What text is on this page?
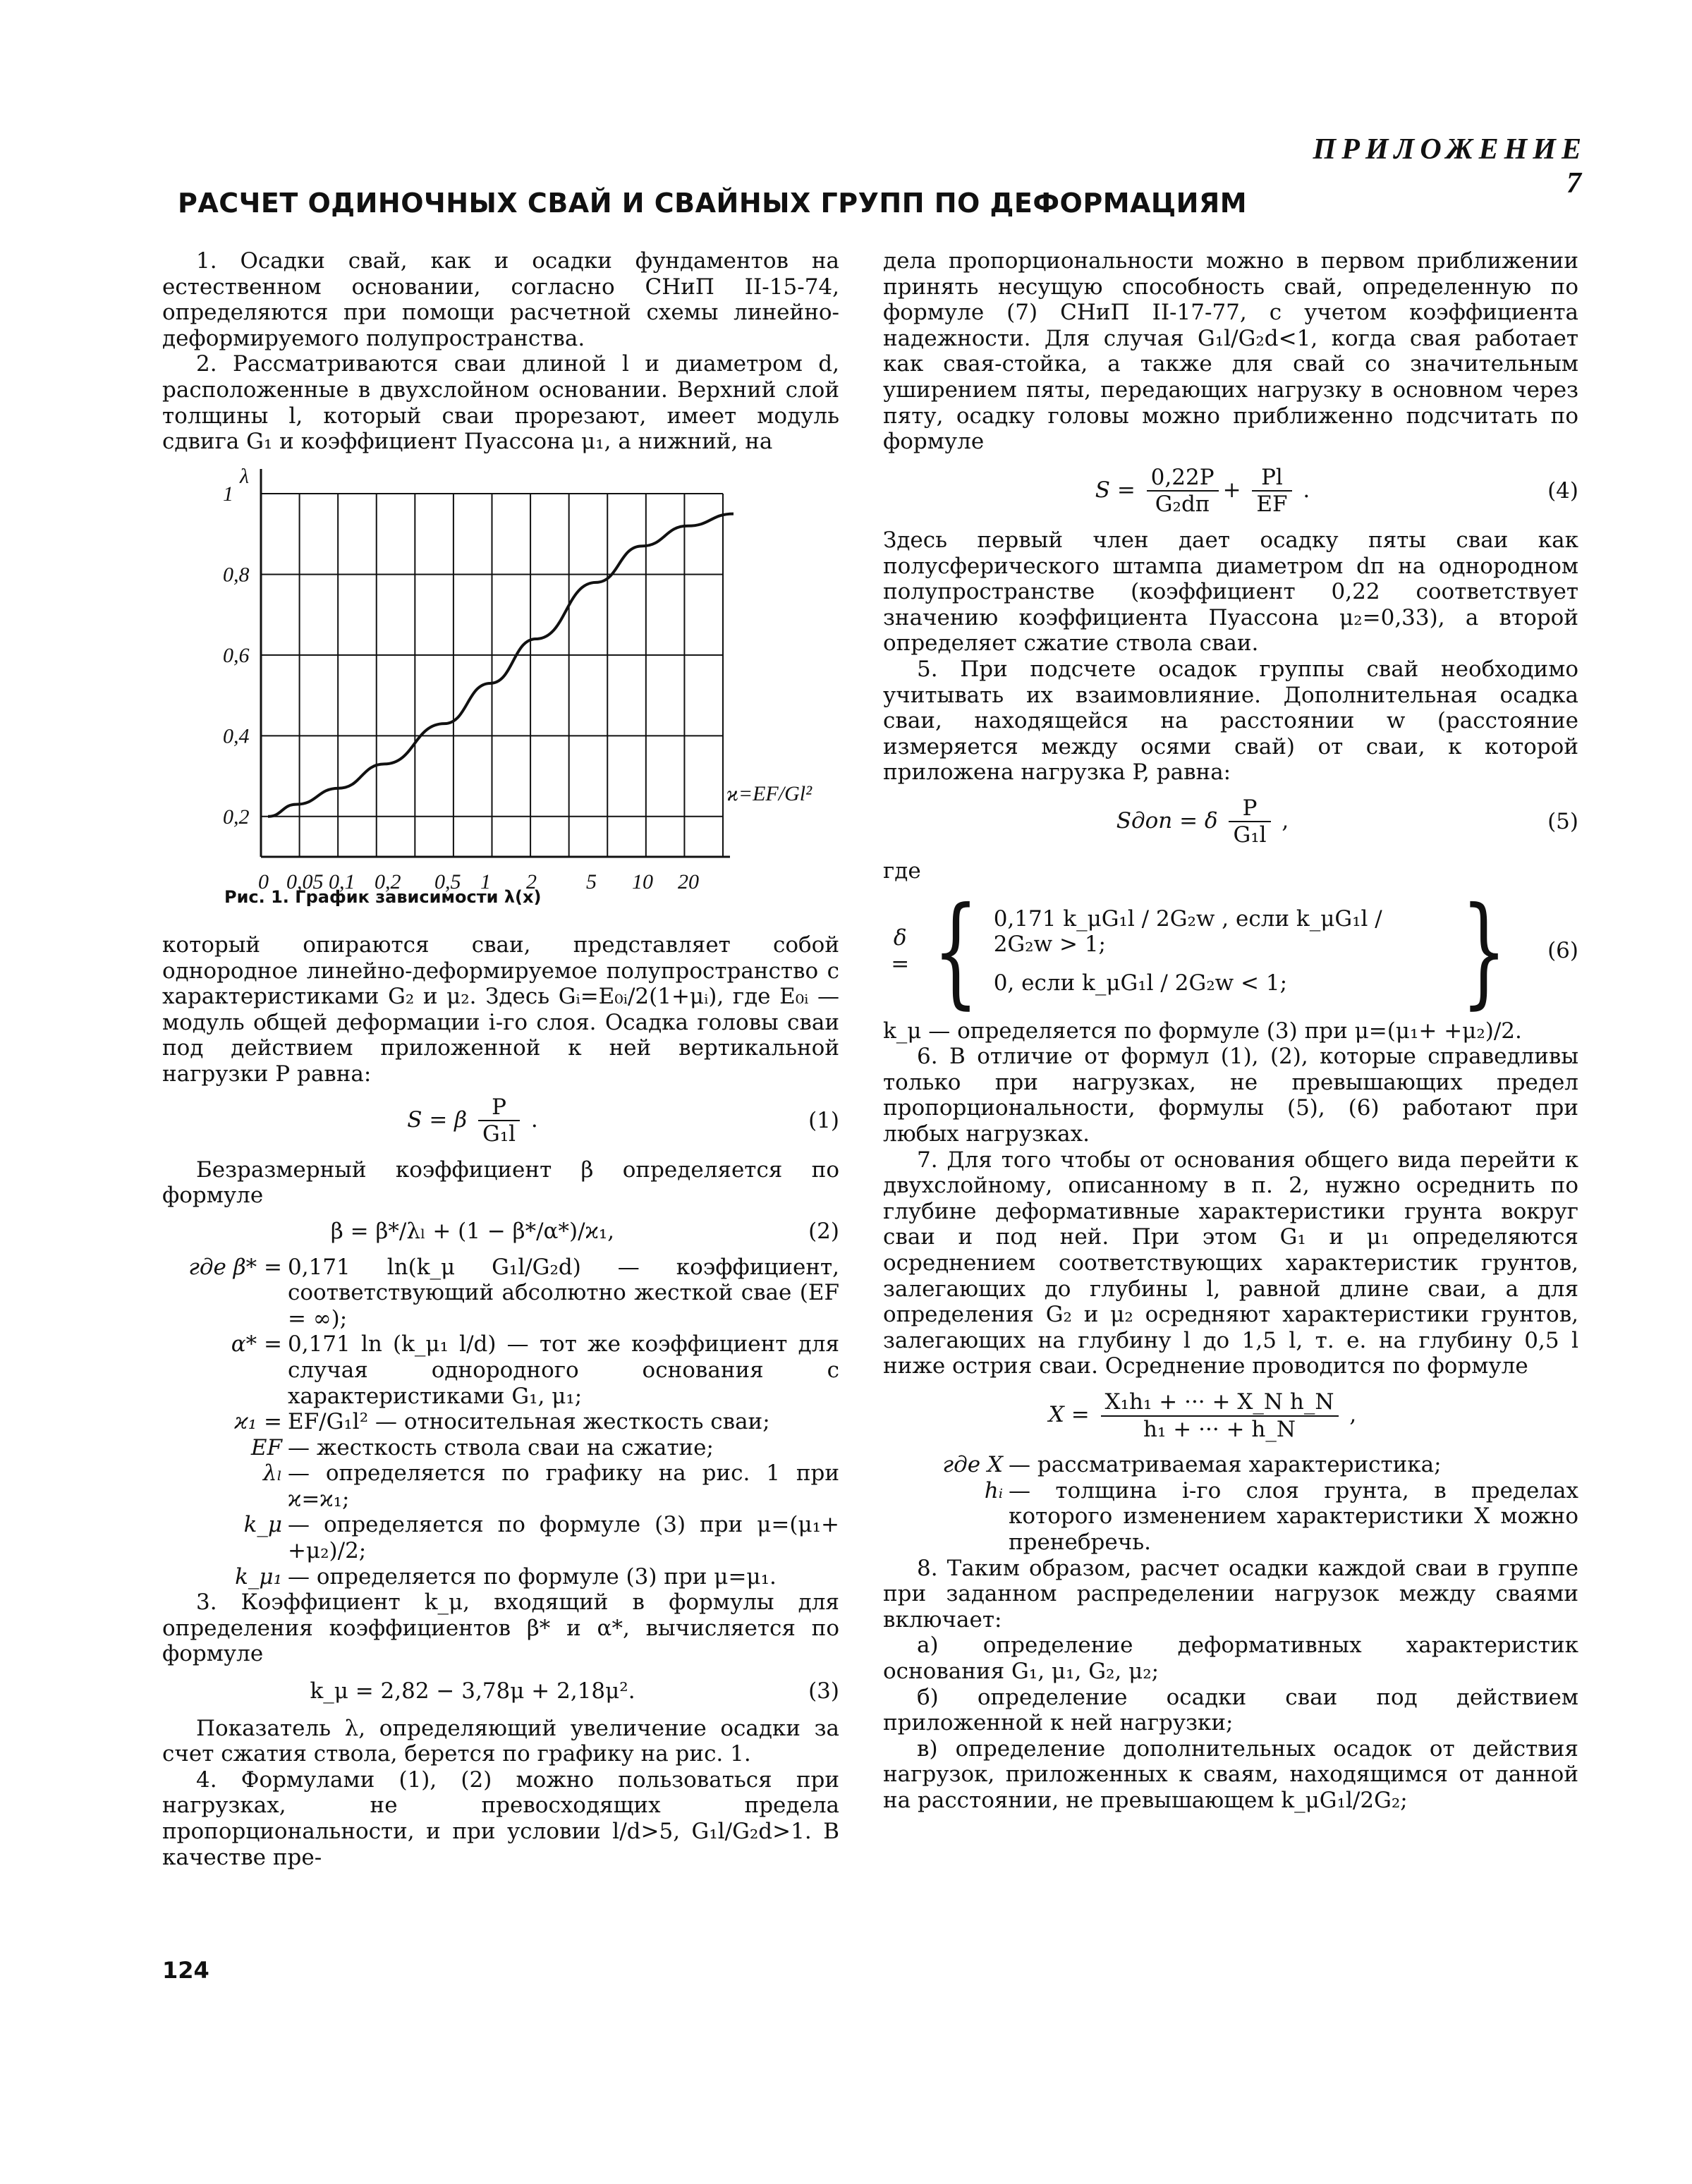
ПРИЛОЖЕНИЕ 7
РАСЧЕТ ОДИНОЧНЫХ СВАЙ И СВАЙНЫХ ГРУПП ПО ДЕФОРМАЦИЯМ

1. Осадки свай, как и осадки фундаментов на естественном основании, согласно СНиП II-15-74, определяются при помощи расчетной схемы линейно-деформируемого полупространства.

2. Рассматриваются сваи длиной l и диаметром d, расположенные в двухслойном основании. Верхний слой толщины l, который сваи прорезают, имеет модуль сдвига G₁ и коэффициент Пуассона μ₁, а нижний, на

λ
0,2
0,4
0,6
0,8
1
0 0,05 0,1 0,2 0,5 1 2 5 10 20
ϰ=EF/Gl²
Рис. 1. График зависимости λ(x)

который опираются сваи, представляет собой однородное линейно-деформируемое полупространство с характеристиками G₂ и μ₂. Здесь Gᵢ=E₀ᵢ/2(1+μᵢ), где E₀ᵢ — модуль общей деформации i-го слоя. Осадка головы сваи под действием приложенной к ней вертикальной нагрузки P равна:

S = β $\frac{P}{\text{G₁l}}$ .	(1)

Безразмерный коэффициент β определяется по формуле

β = β*/λₗ + (1 − β*/α*)/ϰ₁,	(2)
где β* = 0,171 ln(k_μ G₁l/G₂d) — коэффициент, соответствующий абсолютно жесткой свае (EF = ∞);
α* = 0,171 ln (k_μ₁ l/d) — тот же коэффициент для случая однородного основания с характеристиками G₁, μ₁;
ϰ₁ = EF/G₁l² — относительная жесткость сваи;
EF — жесткость ствола сваи на сжатие;
λₗ — определяется по графику на рис. 1 при ϰ=ϰ₁;
k_μ — определяется по формуле (3) при μ=(μ₁+ +μ₂)/2;
k_μ₁ — определяется по формуле (3) при μ=μ₁.

3. Коэффициент k_μ, входящий в формулы для определения коэффициентов β* и α*, вычисляется по формуле

k_μ = 2,82 − 3,78μ + 2,18μ².	(3)

Показатель λ, определяющий увеличение осадки за счет сжатия ствола, берется по графику на рис. 1.

4. Формулами (1), (2) можно пользоваться при нагрузках, не превосходящих предела пропорциональности, и при условии l/d>5, G₁l/G₂d>1. В качестве пре-

дела пропорциональности можно в первом приближении принять несущую способность свай, определенную по формуле (7) СНиП II-17-77, с учетом коэффициента надежности. Для случая G₁l/G₂d<1, когда свая работает как свая-стойка, а также для свай со значительным уширением пяты, передающих нагрузку в основном через пяту, осадку головы можно приближенно подсчитать по формуле

$S = \frac{0,22P}{\text{G₂dп}} + \frac{Pl}{EF}$ .	(4)

Здесь первый член дает осадку пяты сваи как полусферического штампа диаметром dп на однородном полупространстве (коэффициент 0,22 соответствует значению коэффициента Пуассона μ₂=0,33), а второй определяет сжатие ствола сваи.

5. При подсчете осадок группы свай необходимо учитывать их взаимовлияние. Дополнительная осадка сваи, находящейся на расстоянии w (расстояние измеряется между осями свай) от сваи, к которой приложена нагрузка P, равна:

Sдоп = δ $\frac{P}{\text{G₁l}}$ ,	(5)

где

δ = { 0,171 k_μG₁l / 2G₂w , если k_μG₁l / 2G₂w > 1;
0, если k_μG₁l / 2G₂w < 1;	}	(6)

k_μ — определяется по формуле (3) при μ=(μ₁+ +μ₂)/2.

6. В отличие от формул (1), (2), которые справедливы только при нагрузках, не превышающих предел пропорциональности, формулы (5), (6) работают при любых нагрузках.

7. Для того чтобы от основания общего вида перейти к двухслойному, описанному в п. 2, нужно осреднить по глубине деформативные характеристики грунта вокруг сваи и под ней. При этом G₁ и μ₁ определяются осреднением соответствующих характеристик грунтов, залегающих до глубины l, равной длине сваи, а для определения G₂ и μ₂ осредняют характеристики грунтов, залегающих на глубину l до 1,5 l, т. е. на глубину 0,5 l ниже острия сваи. Осреднение проводится по формуле

$X = \frac{\text{X₁h₁ + ··· + X\_N h\_N}}{\text{h₁ + ··· + h\_N}}$ ,
где X — рассматриваемая характеристика;
hᵢ — толщина i-го слоя грунта, в пределах которого изменением характеристики X можно пренебречь.

8. Таким образом, расчет осадки каждой сваи в группе при заданном распределении нагрузок между сваями включает:

а) определение деформативных характеристик основания G₁, μ₁, G₂, μ₂;

б) определение осадки сваи под действием приложенной к ней нагрузки;

в) определение дополнительных осадок от действия нагрузок, приложенных к сваям, находящимся от данной на расстоянии, не превышающем k_μG₁l/2G₂;

124
